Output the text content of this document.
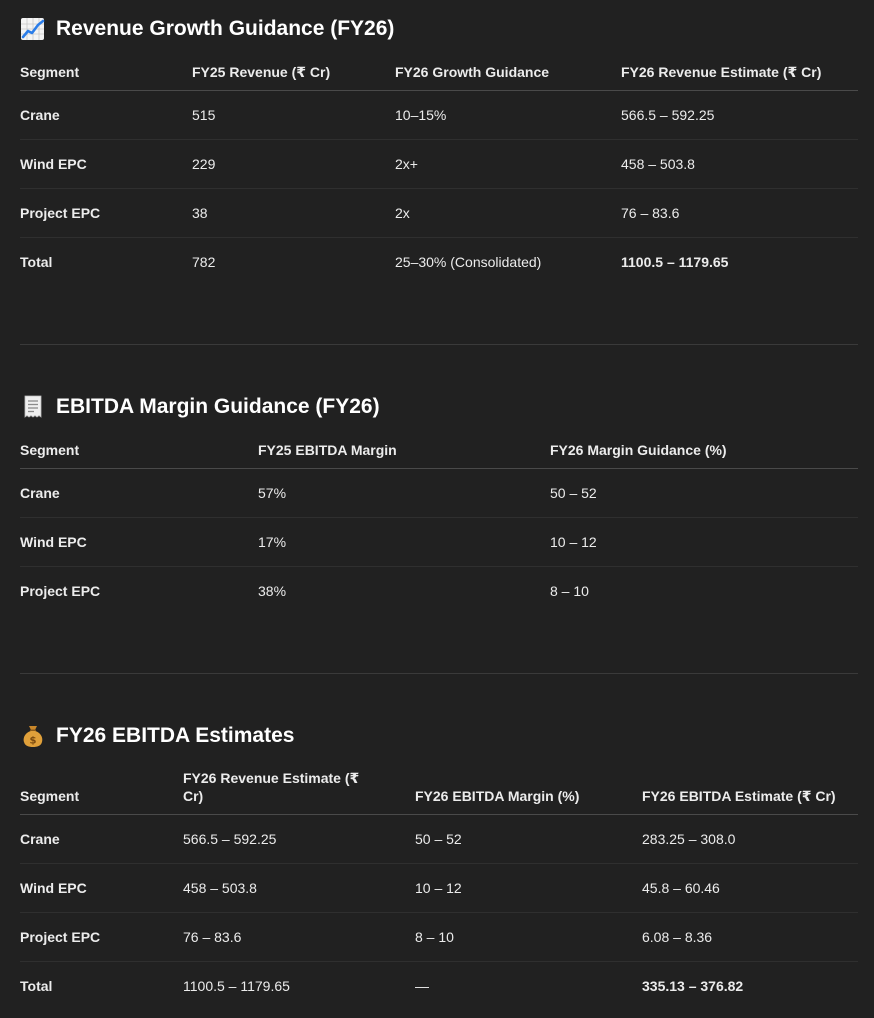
Revenue Growth Guidance (FY26)
Segment	FY25 Revenue (₹ Cr)	FY26 Growth Guidance	FY26 Revenue Estimate (₹ Cr)
Crane	515	10–15%	566.5 – 592.25
Wind EPC	229	2x+	458 – 503.8
Project EPC	38	2x	76 – 83.6
Total	782	25–30% (Consolidated)	1100.5 – 1179.65
EBITDA Margin Guidance (FY26)
Segment	FY25 EBITDA Margin	FY26 Margin Guidance (%)
Crane	57%	50 – 52
Wind EPC	17%	10 – 12
Project EPC	38%	8 – 10
$ FY26 EBITDA Estimates
Segment	FY26 Revenue Estimate (₹ Cr)	FY26 EBITDA Margin (%)	FY26 EBITDA Estimate (₹ Cr)
Crane	566.5 – 592.25	50 – 52	283.25 – 308.0
Wind EPC	458 – 503.8	10 – 12	45.8 – 60.46
Project EPC	76 – 83.6	8 – 10	6.08 – 8.36
Total	1100.5 – 1179.65	—	335.13 – 376.82
